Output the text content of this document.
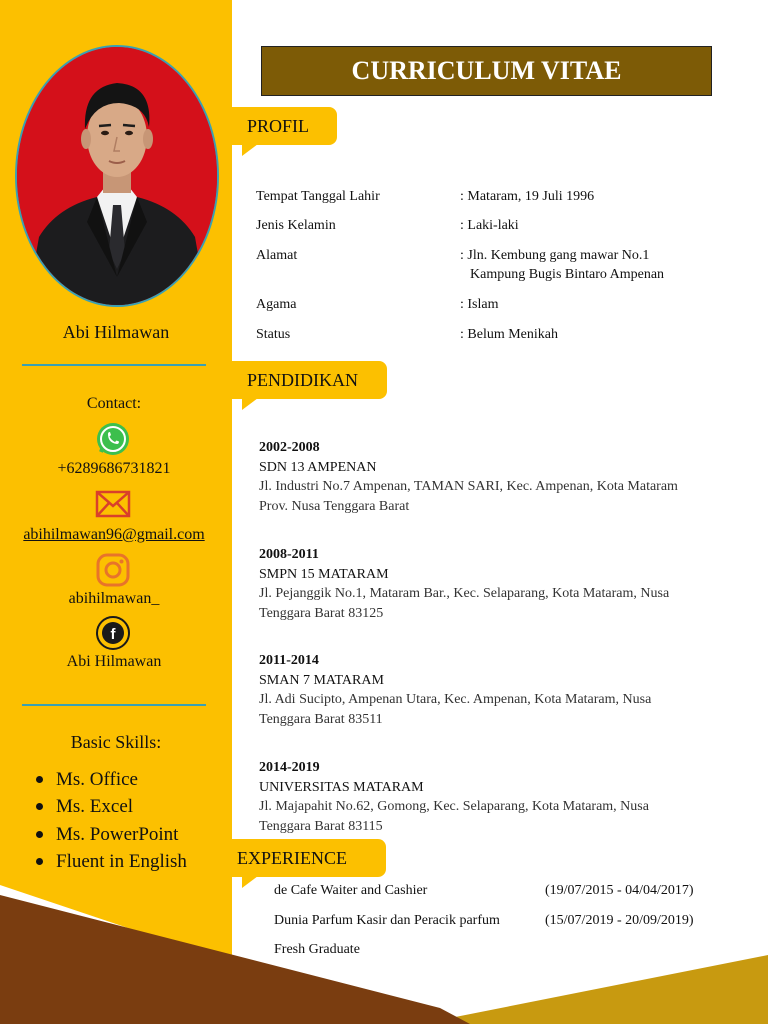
Abi Hilmawan
Contact:
+6289686731821
abihilmawan96@gmail.com
abihilmawan_
f
Abi Hilmawan
Basic Skills:
Ms. Office
Ms. Excel
Ms. PowerPoint
Fluent in English
CURRICULUM VITAE
PROFIL
Tempat Tanggal Lahir	: Mataram, 19 Juli 1996
Jenis Kelamin	: Laki-laki
Alamat	: Jln. Kembung gang mawar No.1
Kampung Bugis Bintaro Ampenan
Agama	: Islam
Status	: Belum Menikah
PENDIDIKAN
2002-2008
SDN 13 AMPENAN
Jl. Industri No.7 Ampenan, TAMAN SARI, Kec. Ampenan, Kota Mataram
Prov. Nusa Tenggara Barat
2008-2011
SMPN 15 MATARAM
Jl. Pejanggik No.1, Mataram Bar., Kec. Selaparang, Kota Mataram, Nusa
Tenggara Barat 83125
2011-2014
SMAN 7 MATARAM
Jl. Adi Sucipto, Ampenan Utara, Kec. Ampenan, Kota Mataram, Nusa
Tenggara Barat 83511
2014-2019
UNIVERSITAS MATARAM
Jl. Majapahit No.62, Gomong, Kec. Selaparang, Kota Mataram, Nusa
Tenggara Barat 83115
EXPERIENCE
de Cafe Waiter and Cashier	(19/07/2015 - 04/04/2017)
Dunia Parfum Kasir dan Peracik parfum	(15/07/2019 - 20/09/2019)
Fresh Graduate
